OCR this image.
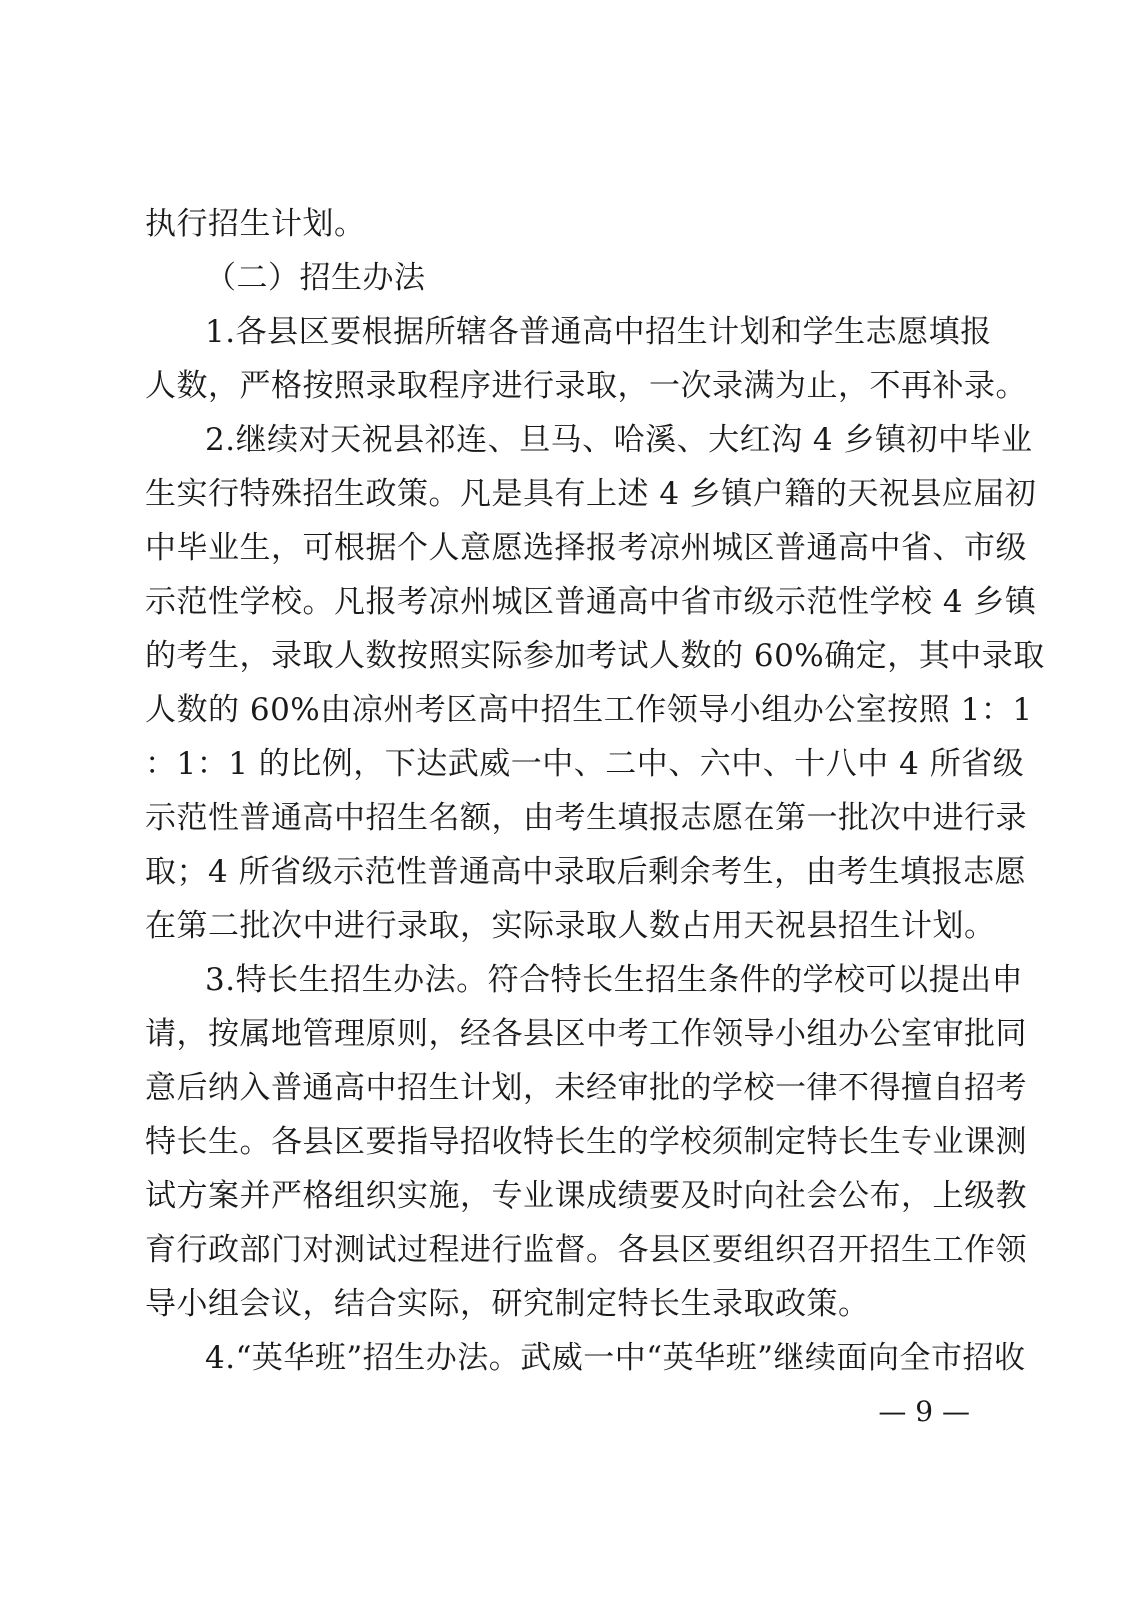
执行招生计划。
（二）招生办法
1.各县区要根据所辖各普通高中招生计划和学生志愿填报
人数，严格按照录取程序进行录取，一次录满为止，不再补录。
2.继续对天祝县祁连、旦马、哈溪、大红沟 4 乡镇初中毕业
生实行特殊招生政策。凡是具有上述 4 乡镇户籍的天祝县应届初
中毕业生，可根据个人意愿选择报考凉州城区普通高中省、市级
示范性学校。凡报考凉州城区普通高中省市级示范性学校 4 乡镇
的考生，录取人数按照实际参加考试人数的 60%确定，其中录取
人数的 60%由凉州考区高中招生工作领导小组办公室按照 1：1
：1：1 的比例，下达武威一中、二中、六中、十八中 4 所省级
示范性普通高中招生名额，由考生填报志愿在第一批次中进行录
取；4 所省级示范性普通高中录取后剩余考生，由考生填报志愿
在第二批次中进行录取，实际录取人数占用天祝县招生计划。
3.特长生招生办法。符合特长生招生条件的学校可以提出申
请，按属地管理原则，经各县区中考工作领导小组办公室审批同
意后纳入普通高中招生计划，未经审批的学校一律不得擅自招考
特长生。各县区要指导招收特长生的学校须制定特长生专业课测
试方案并严格组织实施，专业课成绩要及时向社会公布，上级教
育行政部门对测试过程进行监督。各县区要组织召开招生工作领
导小组会议，结合实际，研究制定特长生录取政策。
4.“英华班”招生办法。武威一中“英华班”继续面向全市招收
— 9 —
